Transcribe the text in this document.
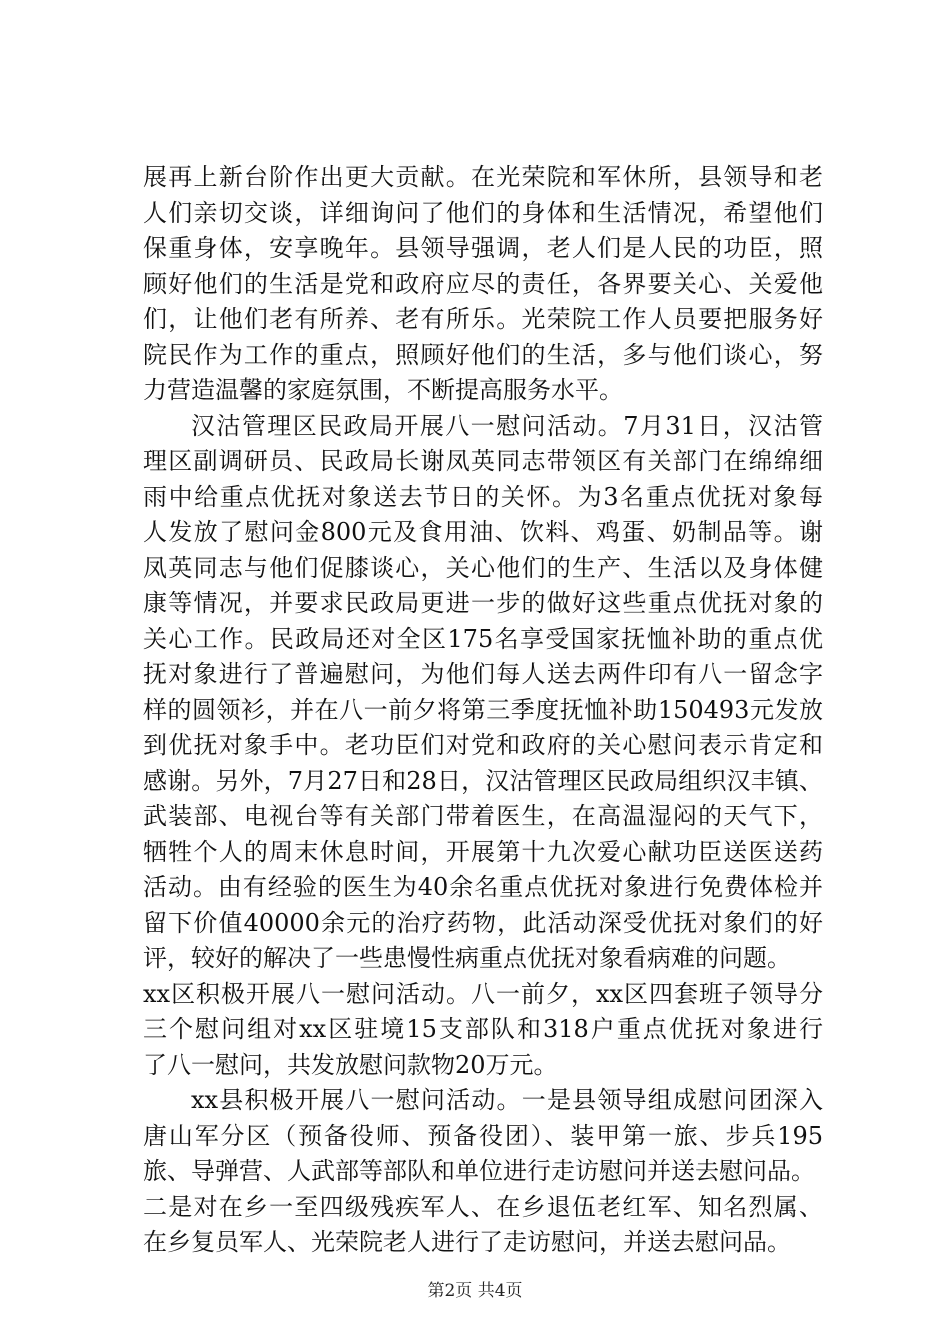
展再上新台阶作出更大贡献。在光荣院和军休所，县领导和老
人们亲切交谈，详细询问了他们的身体和生活情况，希望他们
保重身体，安享晚年。县领导强调，老人们是人民的功臣，照
顾好他们的生活是党和政府应尽的责任，各界要关心、关爱他
们，让他们老有所养、老有所乐。光荣院工作人员要把服务好
院民作为工作的重点，照顾好他们的生活，多与他们谈心，努
力营造温馨的家庭氛围，不断提高服务水平。
汉沽管理区民政局开展八一慰问活动。7月31日，汉沽管
理区副调研员、民政局长谢凤英同志带领区有关部门在绵绵细
雨中给重点优抚对象送去节日的关怀。为3名重点优抚对象每
人发放了慰问金800元及食用油、饮料、鸡蛋、奶制品等。谢
凤英同志与他们促膝谈心，关心他们的生产、生活以及身体健
康等情况，并要求民政局更进一步的做好这些重点优抚对象的
关心工作。民政局还对全区175名享受国家抚恤补助的重点优
抚对象进行了普遍慰问，为他们每人送去两件印有八一留念字
样的圆领衫，并在八一前夕将第三季度抚恤补助150493元发放
到优抚对象手中。老功臣们对党和政府的关心慰问表示肯定和
感谢。另外，7月27日和28日，汉沽管理区民政局组织汉丰镇、
武装部、电视台等有关部门带着医生，在高温湿闷的天气下，
牺牲个人的周末休息时间，开展第十九次爱心献功臣送医送药
活动。由有经验的医生为40余名重点优抚对象进行免费体检并
留下价值40000余元的治疗药物，此活动深受优抚对象们的好
评，较好的解决了一些患慢性病重点优抚对象看病难的问题。
xx区积极开展八一慰问活动。八一前夕，xx区四套班子领导分
三个慰问组对xx区驻境15支部队和318户重点优抚对象进行
了八一慰问，共发放慰问款物20万元。
xx县积极开展八一慰问活动。一是县领导组成慰问团深入
唐山军分区（预备役师、预备役团）、装甲第一旅、步兵195
旅、导弹营、人武部等部队和单位进行走访慰问并送去慰问品。
二是对在乡一至四级残疾军人、在乡退伍老红军、知名烈属、
在乡复员军人、光荣院老人进行了走访慰问，并送去慰问品。
第2页 共4页
